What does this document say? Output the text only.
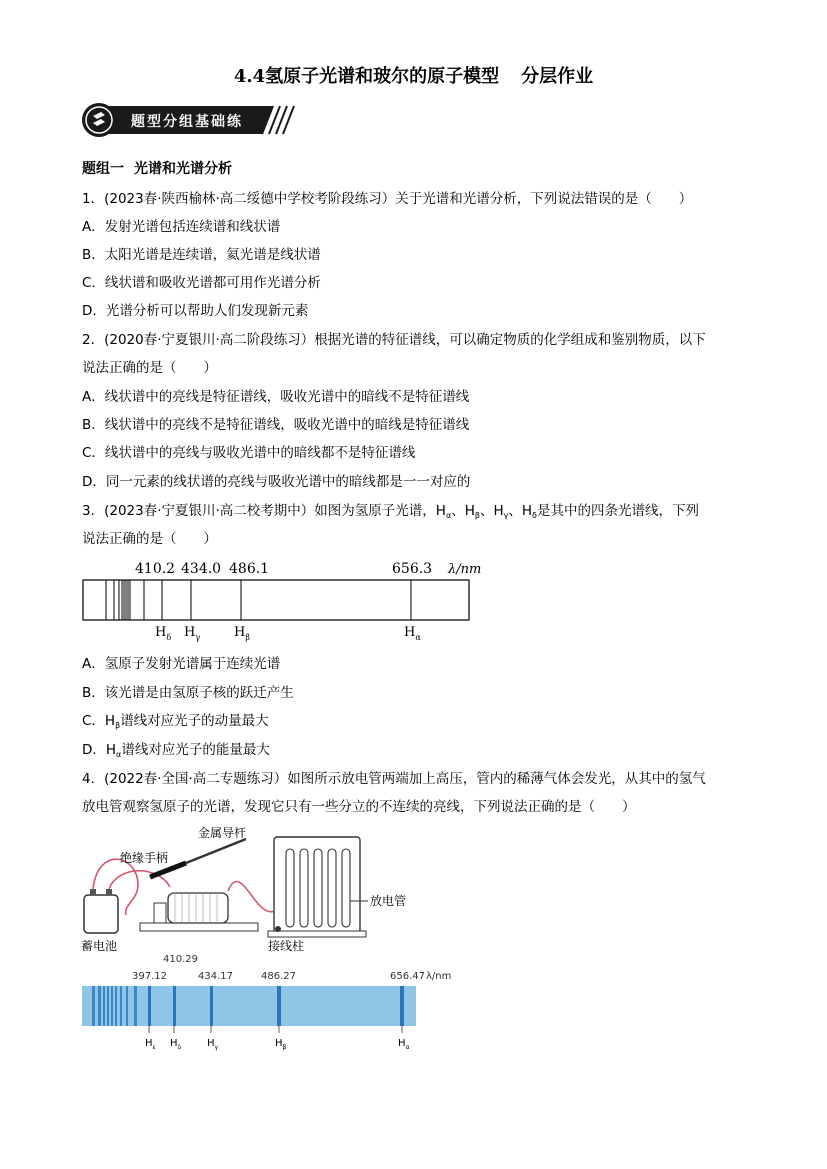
4.4氢原子光谱和玻尔的原子模型 分层作业
题型分组基础练
题组一 光谱和光谱分析
1．(2023春·陕西榆林·高二绥德中学校考阶段练习）关于光谱和光谱分析，下列说法错误的是（　　）
A．发射光谱包括连续谱和线状谱
B．太阳光谱是连续谱，氦光谱是线状谱
C．线状谱和吸收光谱都可用作光谱分析
D．光谱分析可以帮助人们发现新元素
2．(2020春·宁夏银川·高二阶段练习）根据光谱的特征谱线，可以确定物质的化学组成和鉴别物质，以下
说法正确的是（　　）
A．线状谱中的亮线是特征谱线，吸收光谱中的暗线不是特征谱线
B．线状谱中的亮线不是特征谱线，吸收光谱中的暗线是特征谱线
C．线状谱中的亮线与吸收光谱中的暗线都不是特征谱线
D．同一元素的线状谱的亮线与吸收光谱中的暗线都是一一对应的
3．(2023春·宁夏银川·高二校考期中）如图为氢原子光谱，$H_\alpha$、$H_\beta$、$H_\gamma$、$H_\delta$是其中的四条光谱线，下列
说法正确的是（　　）
410.2 434.0 486.1	656.3 λ/nm
$H_\delta$ $H_\gamma$	$H_\beta$	$H_\alpha$
A．氢原子发射光谱属于连续光谱
B．该光谱是由氢原子核的跃迁产生
C．$H_\beta$谱线对应光子的动量最大
D．$H_\alpha$谱线对应光子的能量最大
4．(2022春·全国·高二专题练习）如图所示放电管两端加上高压，管内的稀薄气体会发光，从其中的氢气
放电管观察氢原子的光谱，发现它只有一些分立的不连续的亮线，下列说法正确的是（　　）
蓄电池
金属导杆
绝缘手柄
放电管
接线柱
410.29
397.12	434.17	486.27	656.47 λ/nm
$H_\varepsilon$ $H_\delta$	$H_\gamma$	$H_\beta$	$H_\alpha$
